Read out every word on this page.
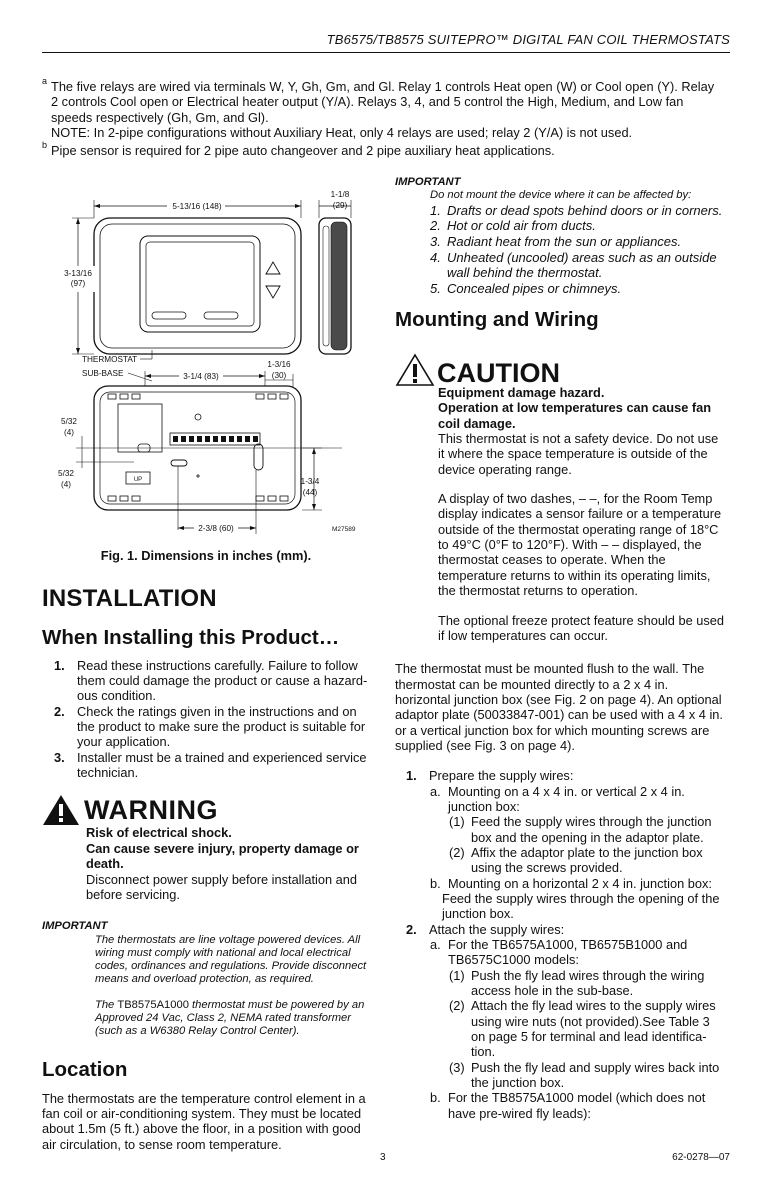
TB6575/TB8575 SUITEPRO™ DIGITAL FAN COIL THERMOSTATS
a The five relays are wired via terminals W, Y, Gh, Gm, and Gl. Relay 1 controls Heat open (W) or Cool open (Y). Relay
2 controls Cool open or Electrical heater output (Y/A). Relays 3, 4, and 5 control the High, Medium, and Low fan
speeds respectively (Gh, Gm, and Gl).
NOTE: In 2-pipe configurations without Auxiliary Heat, only 4 relays are used; relay 2 (Y/A) is not used.
b Pipe sensor is required for 2 pipe auto changeover and 2 pipe auxiliary heat applications.
5-13/16 (148)
1-1/8
(29)
3-13/16
(97)
THERMOSTAT
SUB-BASE	3-1/4 (83)
1-3/16
(30)
UP
5/32
(4)
5/32
(4)	1-3/4
(44)
2-3/8 (60)	M27589
Fig. 1. Dimensions in inches (mm).
INSTALLATION
When Installing this Product…
1. Read these instructions carefully. Failure to follow
them could damage the product or cause a hazard-
ous condition.
2. Check the ratings given in the instructions and on
the product to make sure the product is suitable for
your application.
3. Installer must be a trained and experienced service
technician.
WARNING
Risk of electrical shock.
Can cause severe injury, property damage or
death.
Disconnect power supply before installation and
before servicing.
IMPORTANT

The thermostats are line voltage powered devices. All
wiring must comply with national and local electrical
codes, ordinances and regulations. Provide disconnect
means and overload protection, as required.

The TB8575A1000 thermostat must be powered by an
Approved 24 Vac, Class 2, NEMA rated transformer
(such as a W6380 Relay Control Center).

Location
The thermostats are the temperature control element in a
fan coil or air-conditioning system. They must be located
about 1.5m (5 ft.) above the floor, in a position with good
air circulation, to sense room temperature.
IMPORTANT
Do not mount the device where it can be affected by:
1. Drafts or dead spots behind doors or in corners.
2. Hot or cold air from ducts.
3. Radiant heat from the sun or appliances.
4. Unheated (uncooled) areas such as an outside
wall behind the thermostat.
5. Concealed pipes or chimneys.
Mounting and Wiring
CAUTION

Equipment damage hazard.
Operation at low temperatures can cause fan
coil damage.
This thermostat is not a safety device. Do not use
it where the space temperature is outside of the
device operating range.

A display of two dashes, – –, for the Room Temp
display indicates a sensor failure or a temperature
outside of the thermostat operating range of 18°C
to 49°C (0°F to 120°F). With – – displayed, the
thermostat ceases to operate. When the
temperature returns to within its operating limits,
the thermostat returns to operation.

The optional freeze protect feature should be used
if low temperatures can occur.

The thermostat must be mounted flush to the wall. The
thermostat can be mounted directly to a 2 x 4 in.
horizontal junction box (see Fig. 2 on page 4). An optional
adaptor plate (50033847-001) can be used with a 4 x 4 in.
or a vertical junction box for which mounting screws are
supplied (see Fig. 3 on page 4).
1. Prepare the supply wires:
a. Mounting on a 4 x 4 in. or vertical 2 x 4 in.
junction box:
(1) Feed the supply wires through the junction
box and the opening in the adaptor plate.
(2) Affix the adaptor plate to the junction box
using the screws provided.
b. Mounting on a horizontal 2 x 4 in. junction box:
Feed the supply wires through the opening of the
junction box.
2. Attach the supply wires:
a. For the TB6575A1000, TB6575B1000 and
TB6575C1000 models:
(1) Push the fly lead wires through the wiring
access hole in the sub-base.
(2) Attach the fly lead wires to the supply wires
using wire nuts (not provided).See Table 3
on page 5 for terminal and lead identifica-
tion.
(3) Push the fly lead and supply wires back into
the junction box.
b. For the TB8575A1000 model (which does not
have pre-wired fly leads):
3	62-0278—07
